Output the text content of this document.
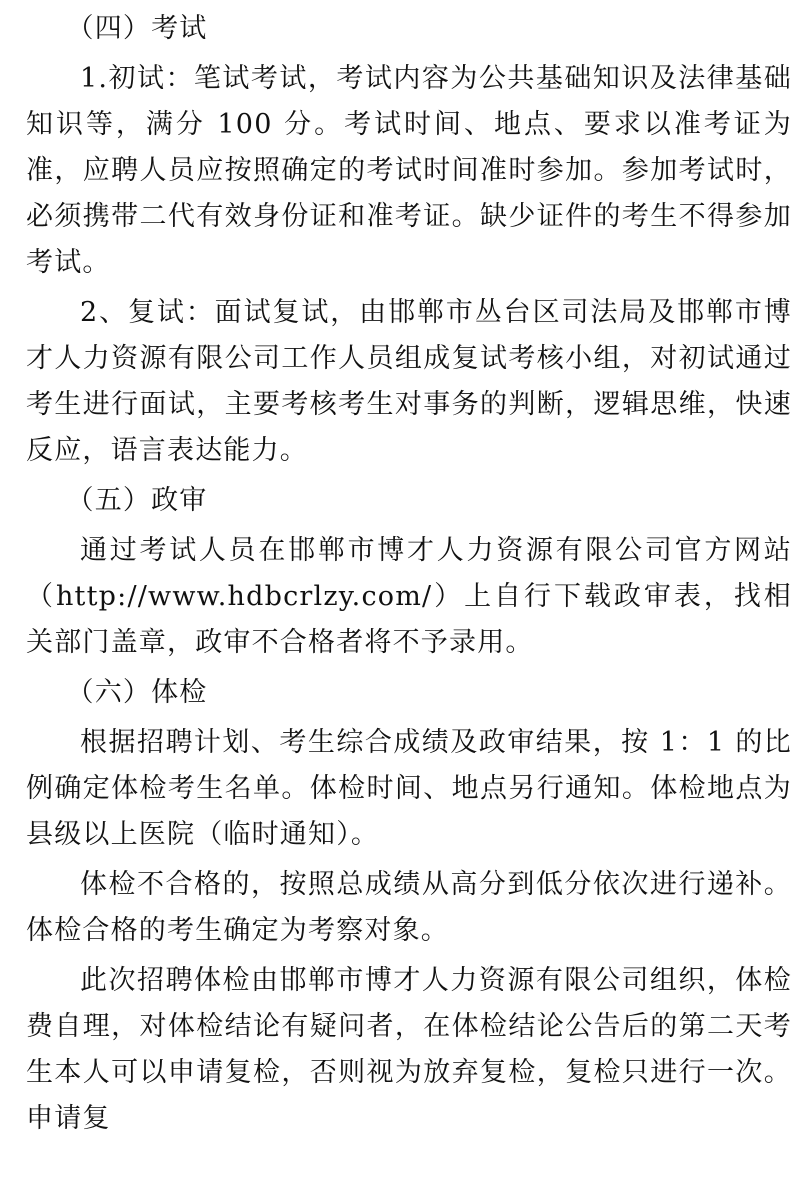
（四）考试

1.初试：笔试考试，考试内容为公共基础知识及法律基础知识等，满分 100 分。考试时间、地点、要求以准考证为准，应聘人员应按照确定的考试时间准时参加。参加考试时，必须携带二代有效身份证和准考证。缺少证件的考生不得参加考试。

2、复试：面试复试，由邯郸市丛台区司法局及邯郸市博才人力资源有限公司工作人员组成复试考核小组，对初试通过考生进行面试，主要考核考生对事务的判断，逻辑思维，快速反应，语言表达能力。

（五）政审

通过考试人员在邯郸市博才人力资源有限公司官方网站（http://www.hdbcrlzy.com/）上自行下载政审表，找相关部门盖章，政审不合格者将不予录用。

（六）体检

根据招聘计划、考生综合成绩及政审结果，按 1：1 的比例确定体检考生名单。体检时间、地点另行通知。体检地点为县级以上医院（临时通知）。

体检不合格的，按照总成绩从高分到低分依次进行递补。体检合格的考生确定为考察对象。

此次招聘体检由邯郸市博才人力资源有限公司组织，体检费自理，对体检结论有疑问者，在体检结论公告后的第二天考生本人可以申请复检，否则视为放弃复检，复检只进行一次。申请复
